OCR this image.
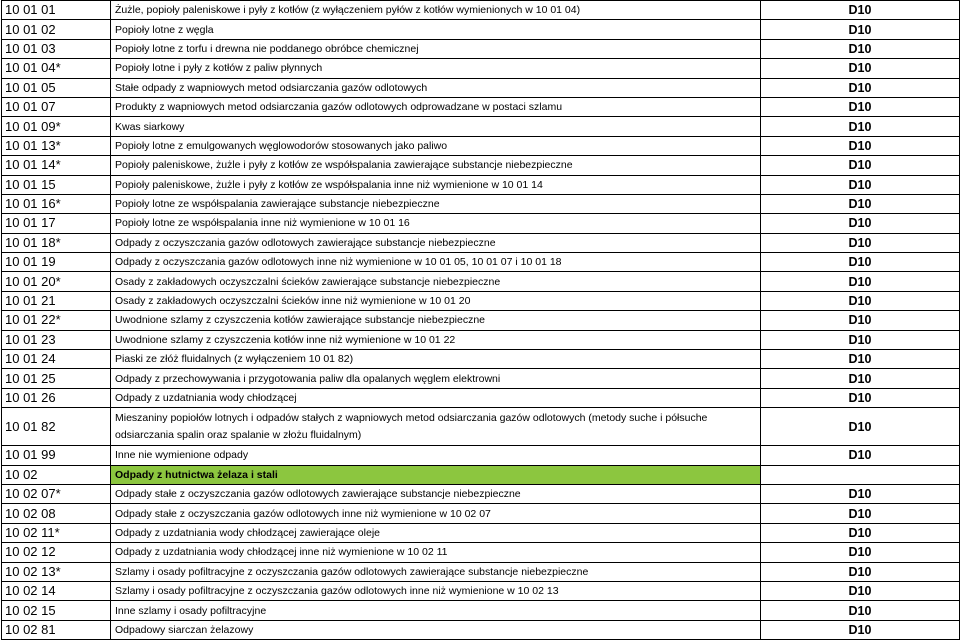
10 01 01	Żużle, popioły paleniskowe i pyły z kotłów (z wyłączeniem pyłów z kotłów wymienionych w 10 01 04)	D10
10 01 02	Popioły lotne z węgla	D10
10 01 03	Popioły lotne z torfu i drewna nie poddanego obróbce chemicznej	D10
10 01 04*	Popioły lotne i pyły z kotłów z paliw płynnych	D10
10 01 05	Stałe odpady z wapniowych metod odsiarczania gazów odlotowych	D10
10 01 07	Produkty z wapniowych metod odsiarczania gazów odlotowych odprowadzane w postaci szlamu	D10
10 01 09*	Kwas siarkowy	D10
10 01 13*	Popioły lotne z emulgowanych węglowodorów stosowanych jako paliwo	D10
10 01 14*	Popioły paleniskowe, żużle i pyły z kotłów ze współspalania zawierające substancje niebezpieczne	D10
10 01 15	Popioły paleniskowe, żużle i pyły z kotłów ze współspalania inne niż wymienione w 10 01 14	D10
10 01 16*	Popioły lotne ze współspalania zawierające substancje niebezpieczne	D10
10 01 17	Popioły lotne ze współspalania inne niż wymienione w 10 01 16	D10
10 01 18*	Odpady z oczyszczania gazów odlotowych zawierające substancje niebezpieczne	D10
10 01 19	Odpady z oczyszczania gazów odlotowych inne niż wymienione w 10 01 05, 10 01 07 i 10 01 18	D10
10 01 20*	Osady z zakładowych oczyszczalni ścieków zawierające substancje niebezpieczne	D10
10 01 21	Osady z zakładowych oczyszczalni ścieków inne niż wymienione w 10 01 20	D10
10 01 22*	Uwodnione szlamy z czyszczenia kotłów zawierające substancje niebezpieczne	D10
10 01 23	Uwodnione szlamy z czyszczenia kotłów inne niż wymienione w 10 01 22	D10
10 01 24	Piaski ze złóż fluidalnych (z wyłączeniem 10 01 82)	D10
10 01 25	Odpady z przechowywania i przygotowania paliw dla opalanych węglem elektrowni	D10
10 01 26	Odpady z uzdatniania wody chłodzącej	D10
10 01 82	Mieszaniny popiołów lotnych i odpadów stałych z wapniowych metod odsiarczania gazów odlotowych (metody suche i półsuche odsiarczania spalin oraz spalanie w złożu fluidalnym)	D10
10 01 99	Inne nie wymienione odpady	D10
10 02	Odpady z hutnictwa żelaza i stali	
10 02 07*	Odpady stałe z oczyszczania gazów odlotowych zawierające substancje niebezpieczne	D10
10 02 08	Odpady stałe z oczyszczania gazów odlotowych inne niż wymienione w 10 02 07	D10
10 02 11*	Odpady z uzdatniania wody chłodzącej zawierające oleje	D10
10 02 12	Odpady z uzdatniania wody chłodzącej inne niż wymienione w 10 02 11	D10
10 02 13*	Szlamy i osady pofiltracyjne z oczyszczania gazów odlotowych zawierające substancje niebezpieczne	D10
10 02 14	Szlamy i osady pofiltracyjne z oczyszczania gazów odlotowych inne niż wymienione w 10 02 13	D10
10 02 15	Inne szlamy i osady pofiltracyjne	D10
10 02 81	Odpadowy siarczan żelazowy	D10
